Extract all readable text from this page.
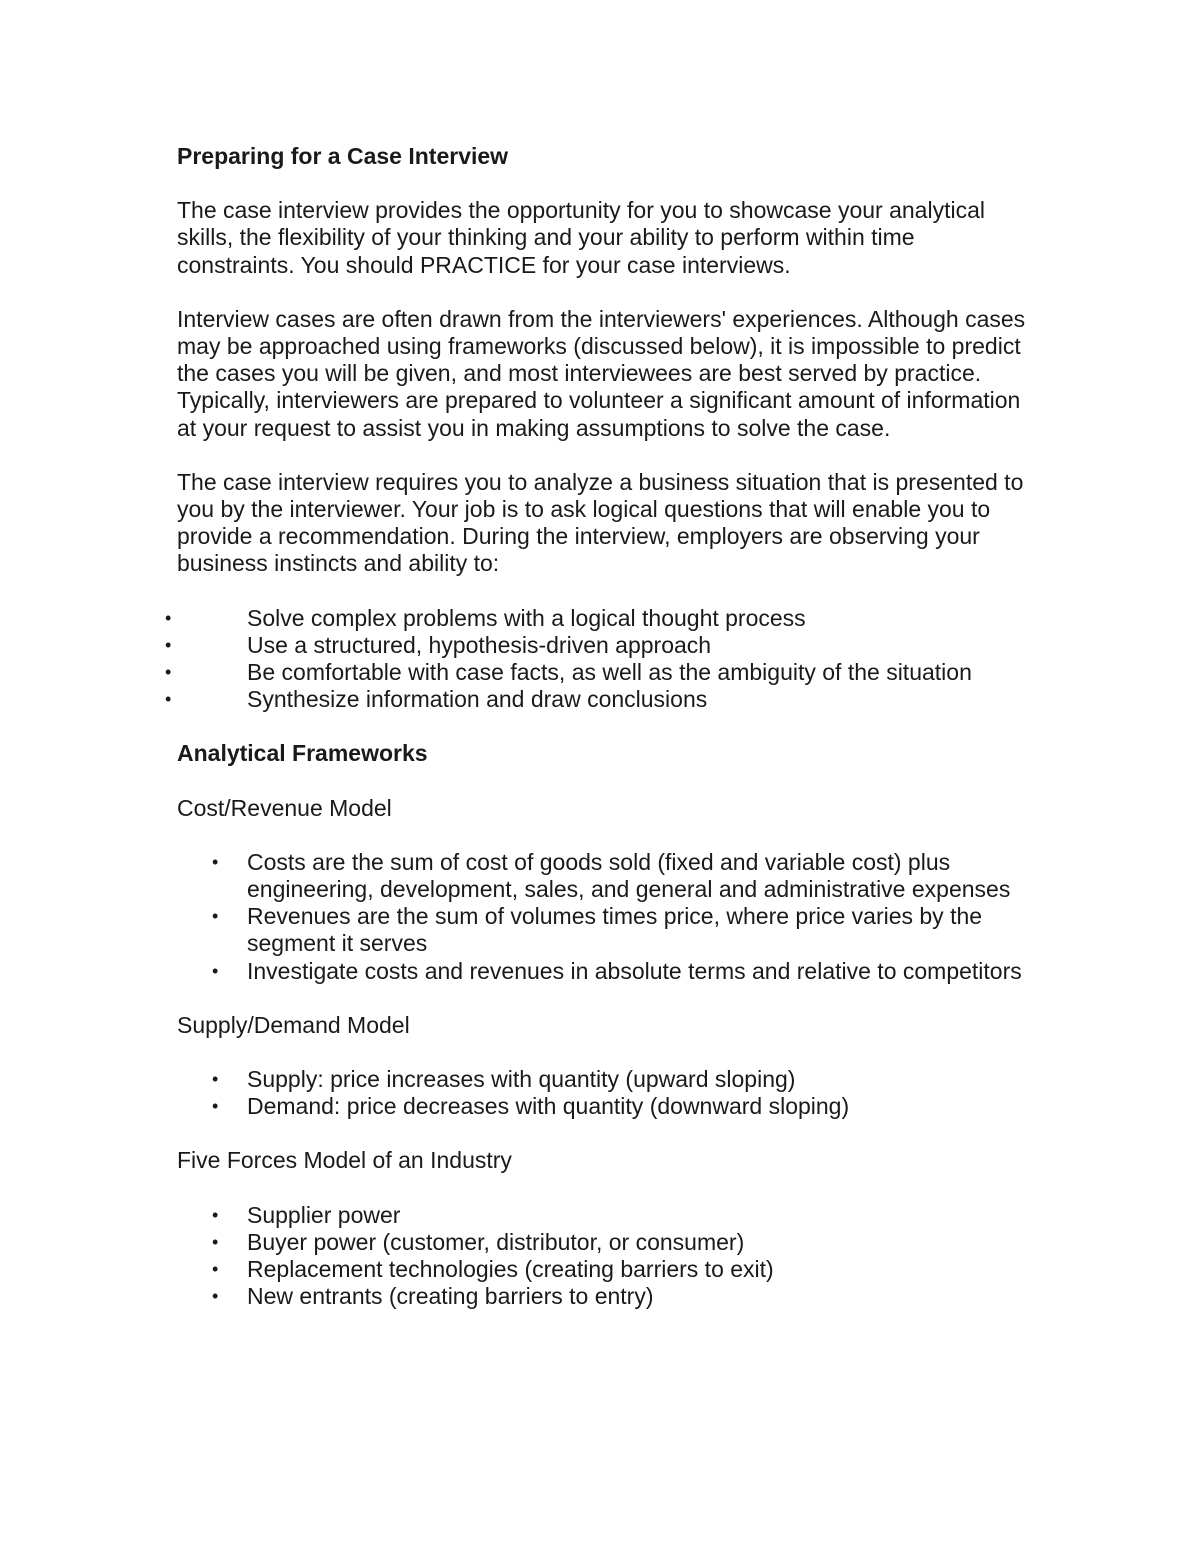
Preparing for a Case Interview

The case interview provides the opportunity for you to showcase your analytical skills, the flexibility of your thinking and your ability to perform within time constraints. You should PRACTICE for your case interviews.

Interview cases are often drawn from the interviewers' experiences. Although cases may be approached using frameworks (discussed below), it is impossible to predict the cases you will be given, and most interviewees are best served by practice. Typically, interviewers are prepared to volunteer a significant amount of information at your request to assist you in making assumptions to solve the case.

The case interview requires you to analyze a business situation that is presented to you by the interviewer. Your job is to ask logical questions that will enable you to provide a recommendation. During the interview, employers are observing your business instincts and ability to:

•	Solve complex problems with a logical thought process
•	Use a structured, hypothesis-driven approach
•	Be comfortable with case facts, as well as the ambiguity of the situation
•	Synthesize information and draw conclusions

Analytical Frameworks

Cost/Revenue Model

• Costs are the sum of cost of goods sold (fixed and variable cost) plus engineering, development, sales, and general and administrative expenses
• Revenues are the sum of volumes times price, where price varies by the segment it serves
• Investigate costs and revenues in absolute terms and relative to competitors

Supply/Demand Model

• Supply: price increases with quantity (upward sloping)
• Demand: price decreases with quantity (downward sloping)

Five Forces Model of an Industry

• Supplier power
• Buyer power (customer, distributor, or consumer)
• Replacement technologies (creating barriers to exit)
• New entrants (creating barriers to entry)
